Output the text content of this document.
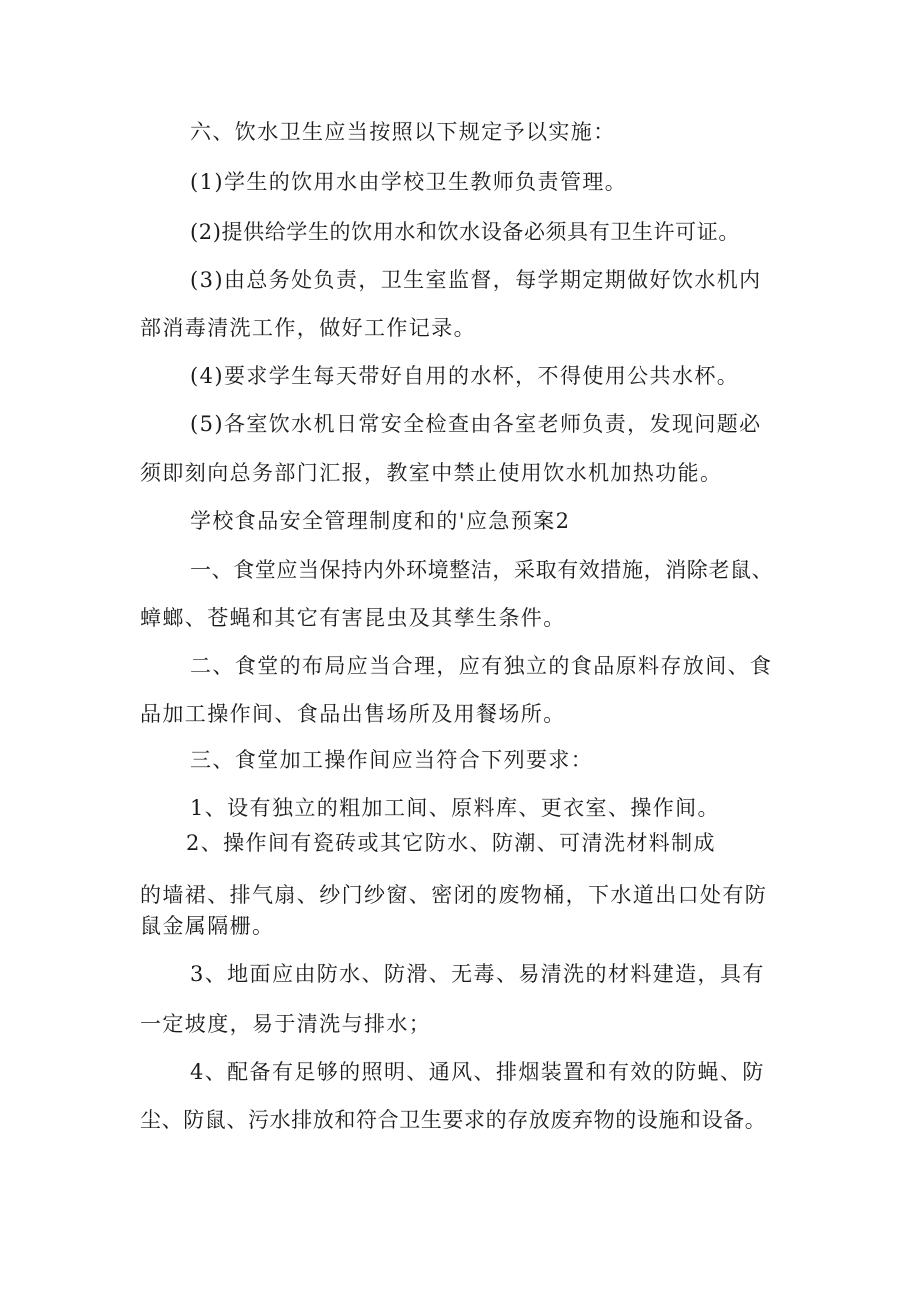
六、饮水卫生应当按照以下规定予以实施：
(1)学生的饮用水由学校卫生教师负责管理。
(2)提供给学生的饮用水和饮水设备必须具有卫生许可证。
(3)由总务处负责，卫生室监督，每学期定期做好饮水机内
部消毒清洗工作，做好工作记录。
(4)要求学生每天带好自用的水杯，不得使用公共水杯。
(5)各室饮水机日常安全检查由各室老师负责，发现问题必
须即刻向总务部门汇报，教室中禁止使用饮水机加热功能。
学校食品安全管理制度和的'应急预案2
一、食堂应当保持内外环境整洁，采取有效措施，消除老鼠、
蟑螂、苍蝇和其它有害昆虫及其孳生条件。
二、食堂的布局应当合理，应有独立的食品原料存放间、食
品加工操作间、食品出售场所及用餐场所。
三、食堂加工操作间应当符合下列要求：
1、设有独立的粗加工间、原料库、更衣室、操作间。
2、操作间有瓷砖或其它防水、防潮、可清洗材料制成
的墙裙、排气扇、纱门纱窗、密闭的废物桶，下水道出口处有防
鼠金属隔栅。
3、地面应由防水、防滑、无毒、易清洗的材料建造，具有
一定坡度，易于清洗与排水；
4、配备有足够的照明、通风、排烟装置和有效的防蝇、防
尘、防鼠、污水排放和符合卫生要求的存放废弃物的设施和设备。
